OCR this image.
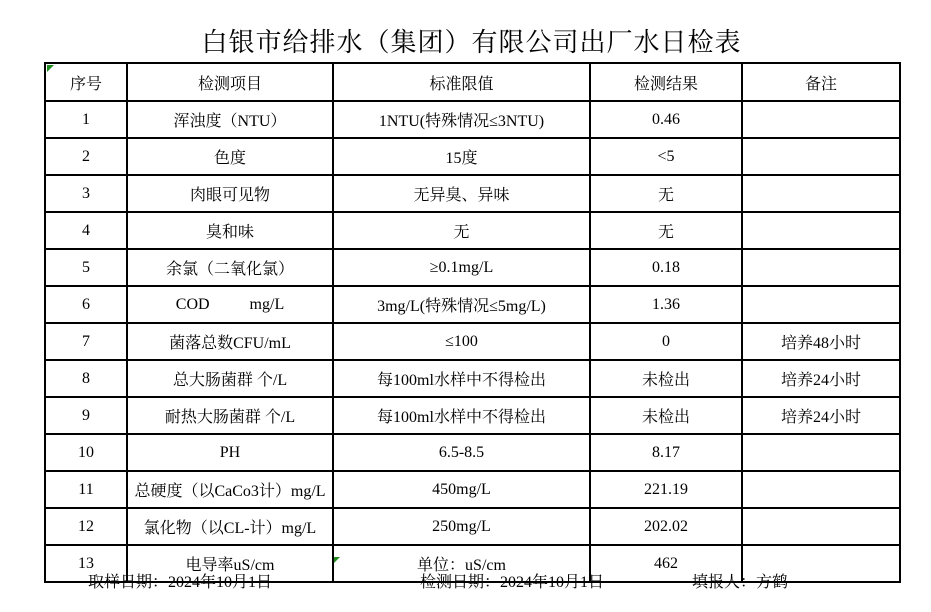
白银市给排水（集团）有限公司出厂水日检表
序号	检测项目	标准限值	检测结果	备注
1	浑浊度（NTU）	1NTU(特殊情况≤3NTU)	0.46	
2	色度	15度	<5	
3	肉眼可见物	无异臭、异味	无	
4	臭和味	无	无	
5	余氯（二氧化氯）	≥0.1mg/L	0.18	
6	COD          mg/L	3mg/L(特殊情况≤5mg/L)	1.36	
7	菌落总数CFU/mL	≤100	0	培养48小时
8	总大肠菌群 个/L	每100ml水样中不得检出	未检出	培养24小时
9	耐热大肠菌群 个/L	每100ml水样中不得检出	未检出	培养24小时
10	PH	6.5-8.5	8.17	
11	总硬度（以CaCo3计）mg/L	450mg/L	221.19	
12	氯化物（以CL-计）mg/L	250mg/L	202.02	
13	电导率uS/cm	单位：uS/cm	462	
取样日期：2024年10月1日	检测日期：2024年10月1日	填报人：方鹤
